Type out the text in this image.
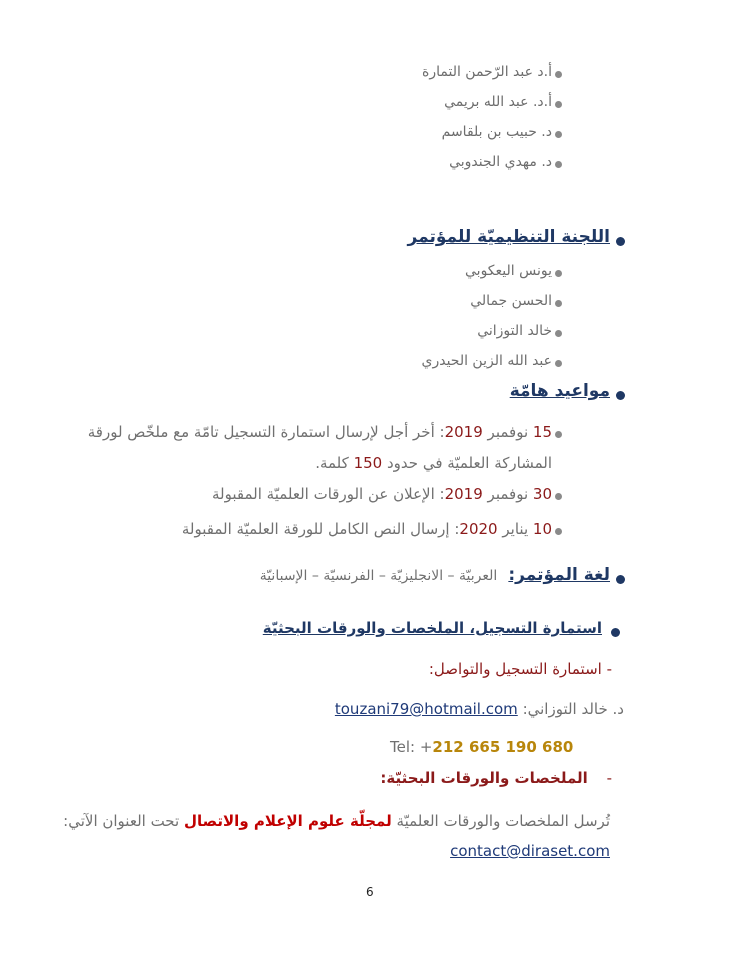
أ.د عبد الرّحمن التمارة
أ.د. عبد الله بريمي
د. حبيب بن بلقاسم
د. مهدي الجندوبي
اللجنة التنظيميّة للمؤتمر
يونس اليعكوبي
الحسن جمالي
خالد التوزاني
عبد الله الزين الحيدري
مواعيد هامّة
15 نوفمبر 2019: أخر أجل لإرسال استمارة التسجيل تامّة مع ملخّص لورقة
المشاركة العلميّة في حدود 150 كلمة.
30 نوفمبر 2019: الإعلان عن الورقات العلميّة المقبولة
10 يناير 2020: إرسال النص الكامل للورقة العلميّة المقبولة
لغة المؤتمر: العربيّة – الانجليزيّة – الفرنسيّة – الإسبانيّة
استمارة التسجيل، الملخصات والورقات البحثيّة
- استمارة التسجيل والتواصل:
د. خالد التوزاني: touzani79@hotmail.com
Tel: +212 665 190 680
- الملخصات والورقات البحثيّة:
تُرسل الملخصات والورقات العلميّة لمجلّة علوم الإعلام والاتصال تحت العنوان الآتي:
contact@diraset.com
6
